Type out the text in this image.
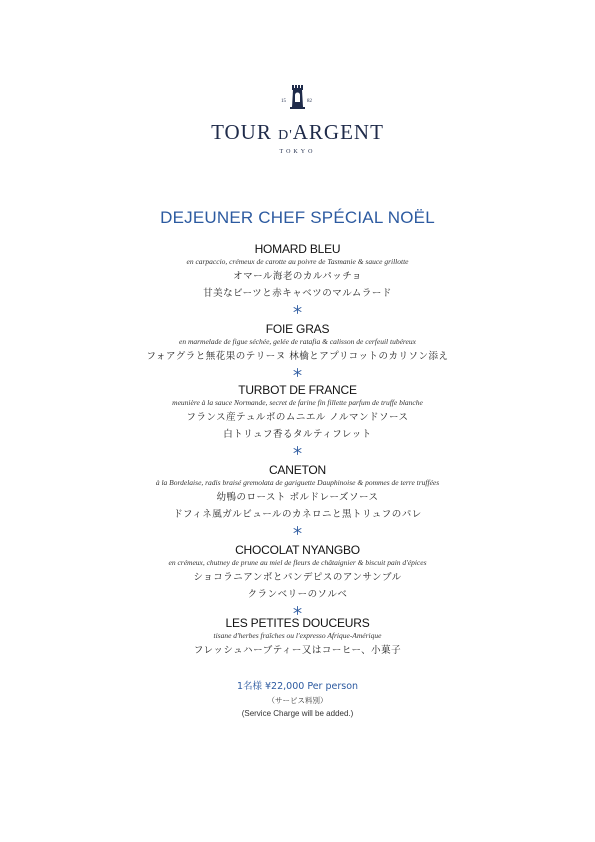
15	82
TOUR D'ARGENT
TOKYO
DEJEUNER CHEF SPÉCIAL NOËL
HOMARD BLEU
en carpaccio, crémeux de carotte au poivre de Tasmanie & sauce grillotte
オマール海老のカルパッチョ
甘美なビーツと赤キャベツのマルムラード
FOIE GRAS
en marmelade de figue séchée, gelée de ratafia & calisson de cerfeuil tubéreux
フォアグラと無花果のテリーヌ 林檎とアプリコットのカリソン添え
TURBOT DE FRANCE
meunière à la sauce Normande, secret de farine fin fillette parfum de truffe blanche
フランス産テュルボのムニエル ノルマンドソース
白トリュフ香るタルティフレット
CANETON
à la Bordelaise, radis braisé gremolata de gariguette Dauphinoise & pommes de terre truffées
幼鴨のロースト ボルドレーズソース
ドフィネ風ガルビュールのカネロニと黒トリュフのパレ
CHOCOLAT NYANGBO
en crémeux, chutney de prune au miel de fleurs de châtaignier & biscuit pain d'épices
ショコラニアンボとパンデピスのアンサンブル
クランベリーのソルベ
LES PETITES DOUCEURS
tisane d'herbes fraîches ou l'expresso Afrique-Amérique
フレッシュハーブティー又はコーヒー、小菓子
1名様 ¥22,000 Per person
（サービス料別）
(Service Charge will be added.)
